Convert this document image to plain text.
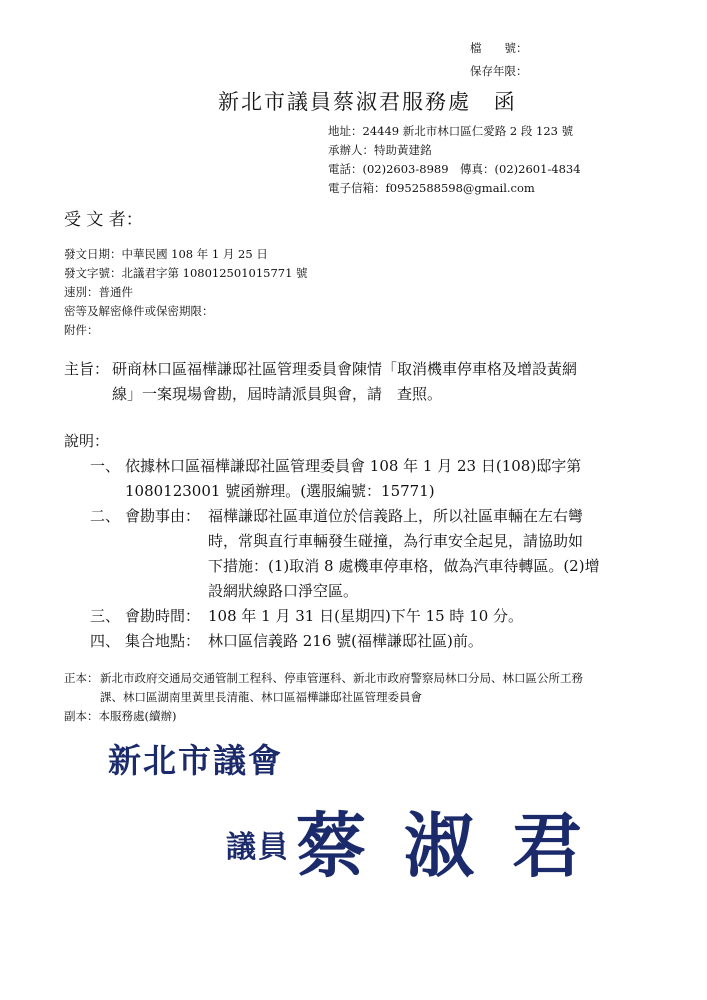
檔　　號：
保存年限：
新北市議員蔡淑君服務處 函
地址：24449 新北市林口區仁愛路 2 段 123 號
承辦人：特助黃建銘
電話：(02)2603-8989　傳真：(02)2601-4834
電子信箱：f0952588598@gmail.com
受 文 者：
發文日期：中華民國 108 年 1 月 25 日
發文字號：北議君字第 108012501015771 號
速別：普通件
密等及解密條件或保密期限：
附件：
主旨： 研商林口區福樺謙邸社區管理委員會陳情「取消機車停車格及增設黃網
線」一案現場會勘，屆時請派員與會，請　查照。
說明：
一、 依據林口區福樺謙邸社區管理委員會 108 年 1 月 23 日(108)邸字第
1080123001 號函辦理。(選服編號：15771)
二、 會勘事由： 福樺謙邸社區車道位於信義路上，所以社區車輛在左右彎
時，常與直行車輛發生碰撞，為行車安全起見，請協助如
下措施：(1)取消 8 處機車停車格，做為汽車待轉區。(2)增
設網狀線路口淨空區。
三、 會勘時間： 108 年 1 月 31 日(星期四)下午 15 時 10 分。
四、 集合地點： 林口區信義路 216 號(福樺謙邸社區)前。
正本： 新北市政府交通局交通管制工程科、停車管運科、新北市政府警察局林口分局、林口區公所工務
課、林口區湖南里黃里長清龍、林口區福樺謙邸社區管理委員會
副本：本服務處(續辦)
新北市議會
議員 蔡淑君
